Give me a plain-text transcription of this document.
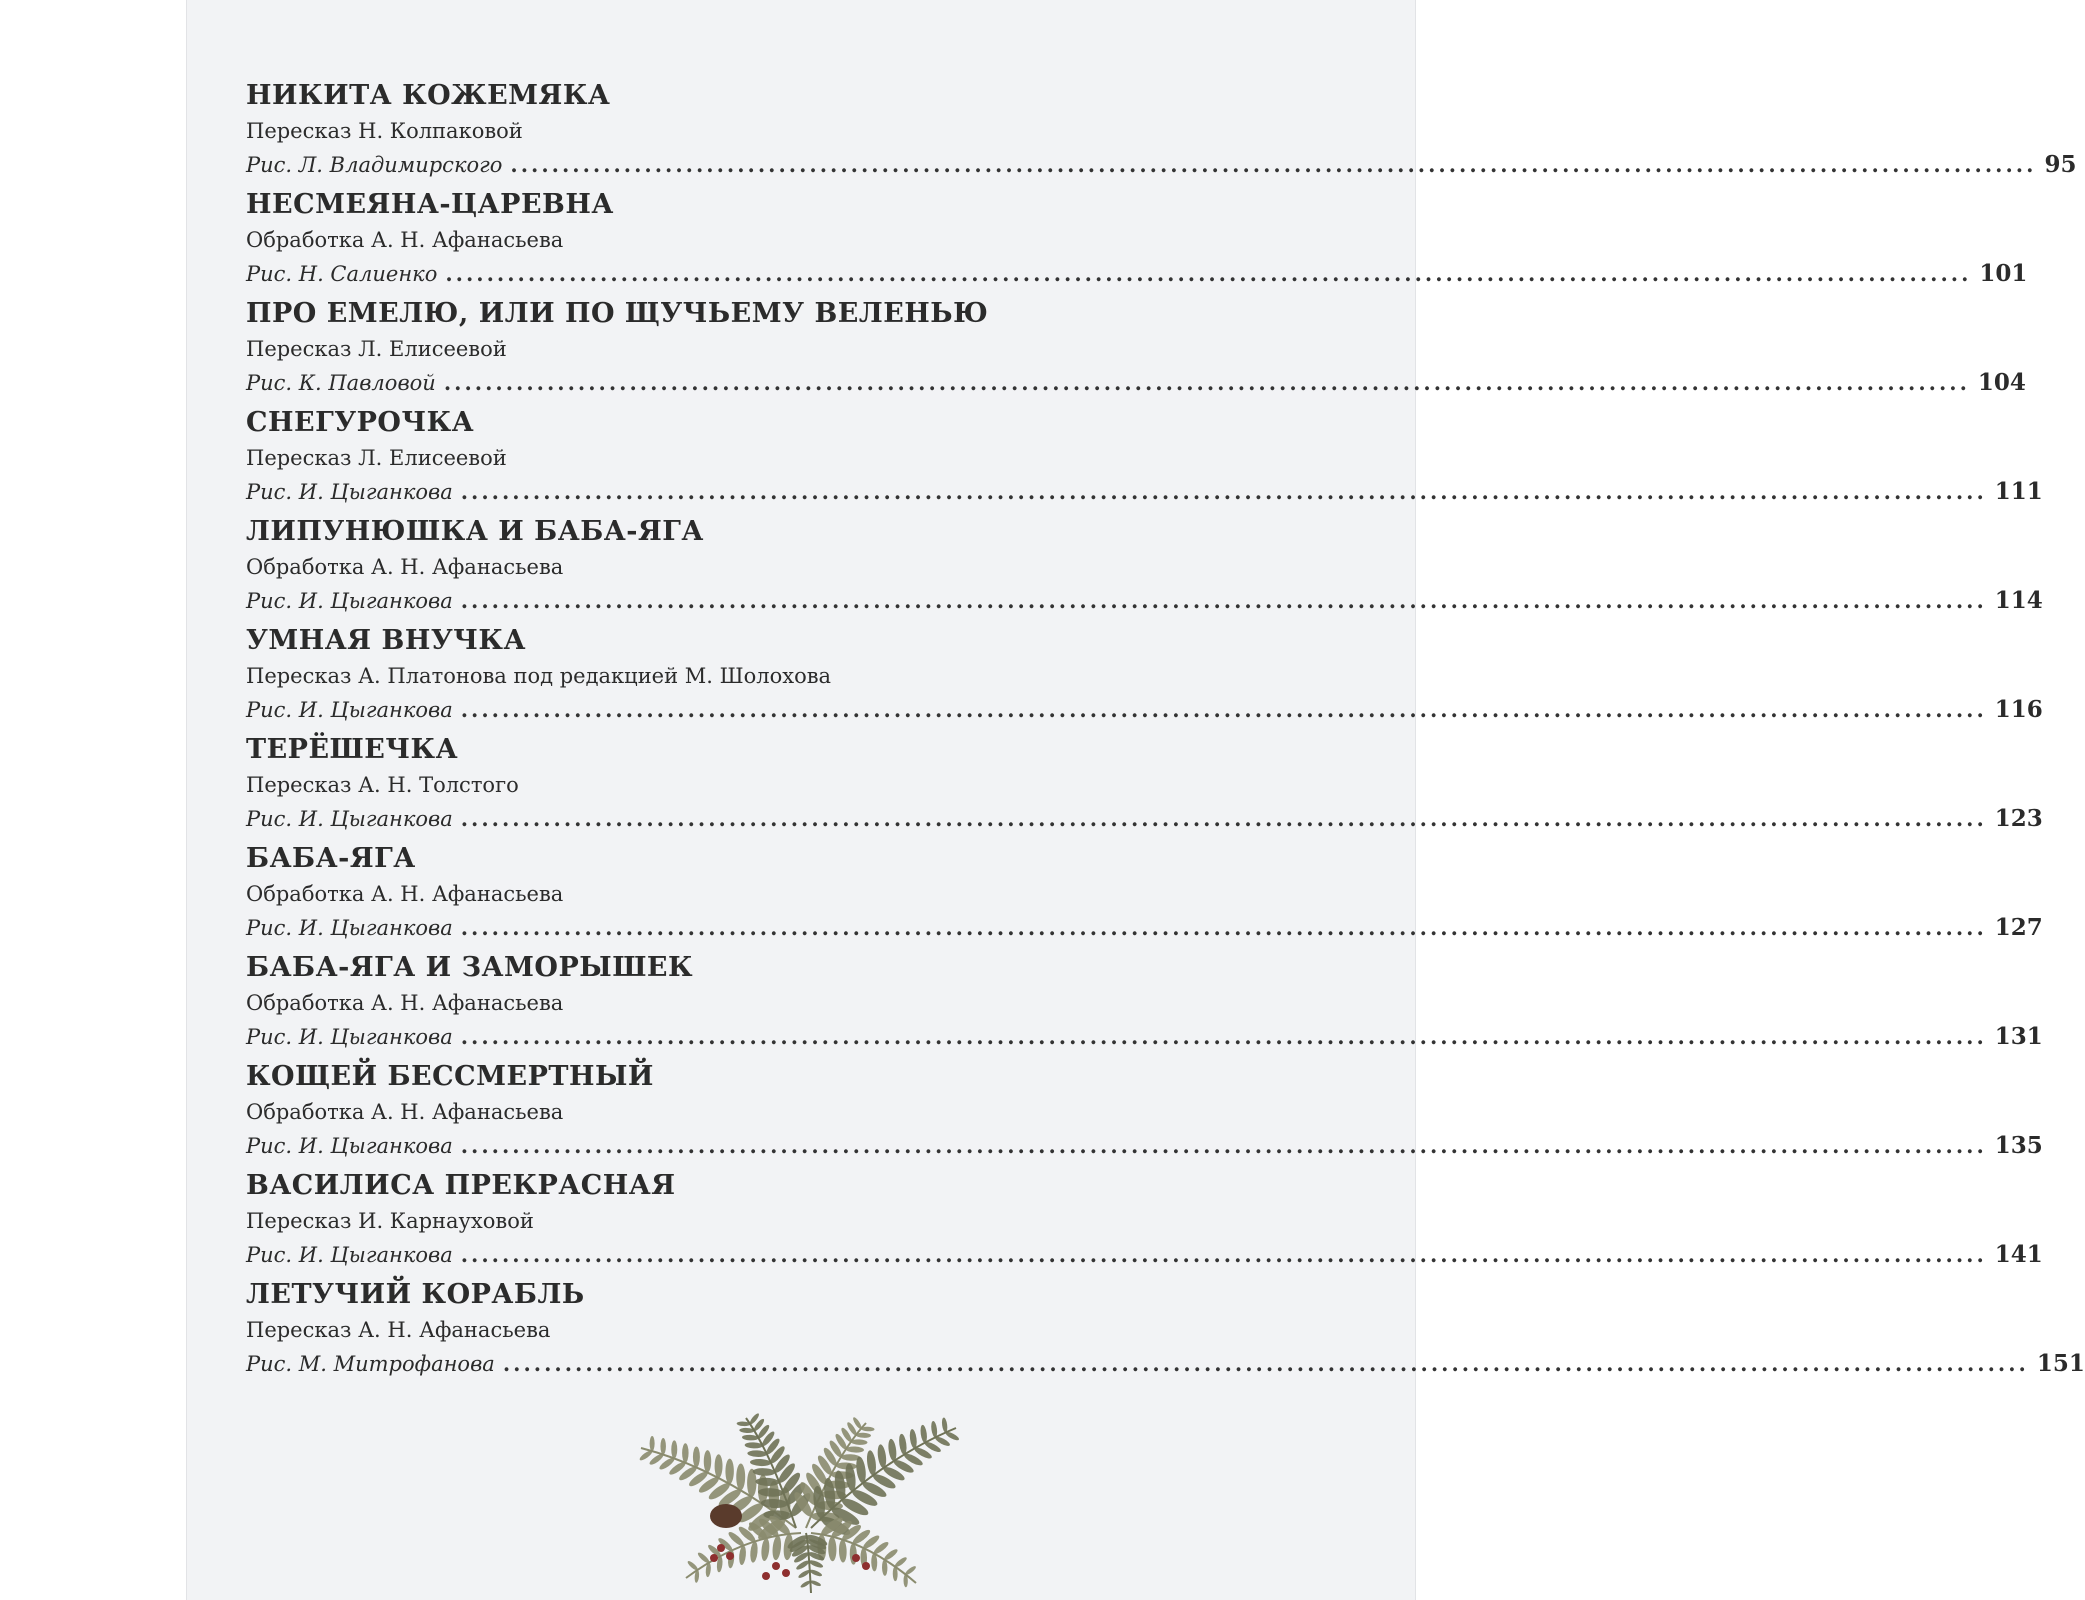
НИКИТА КОЖЕМЯКА
Пересказ Н. Колпаковой
Рис. Л. Владимирского .................................................................................................................................................... 95
НЕСМЕЯНА-ЦАРЕВНА
Обработка А. Н. Афанасьева
Рис. Н. Салиенко .................................................................................................................................................... 101
ПРО ЕМЕЛЮ, ИЛИ ПО ЩУЧЬЕМУ ВЕЛЕНЬЮ
Пересказ Л. Елисеевой
Рис. К. Павловой .................................................................................................................................................... 104
СНЕГУРОЧКА
Пересказ Л. Елисеевой
Рис. И. Цыганкова .................................................................................................................................................... 111
ЛИПУНЮШКА И БАБА-ЯГА
Обработка А. Н. Афанасьева
Рис. И. Цыганкова .................................................................................................................................................... 114
УМНАЯ ВНУЧКА
Пересказ А. Платонова под редакцией М. Шолохова
Рис. И. Цыганкова .................................................................................................................................................... 116
ТЕРЁШЕЧКА
Пересказ А. Н. Толстого
Рис. И. Цыганкова .................................................................................................................................................... 123
БАБА-ЯГА
Обработка А. Н. Афанасьева
Рис. И. Цыганкова .................................................................................................................................................... 127
БАБА-ЯГА И ЗАМОРЫШЕК
Обработка А. Н. Афанасьева
Рис. И. Цыганкова .................................................................................................................................................... 131
КОЩЕЙ БЕССМЕРТНЫЙ
Обработка А. Н. Афанасьева
Рис. И. Цыганкова .................................................................................................................................................... 135
ВАСИЛИСА ПРЕКРАСНАЯ
Пересказ И. Карнауховой
Рис. И. Цыганкова .................................................................................................................................................... 141
ЛЕТУЧИЙ КОРАБЛЬ
Пересказ А. Н. Афанасьева
Рис. М. Митрофанова .................................................................................................................................................... 151
